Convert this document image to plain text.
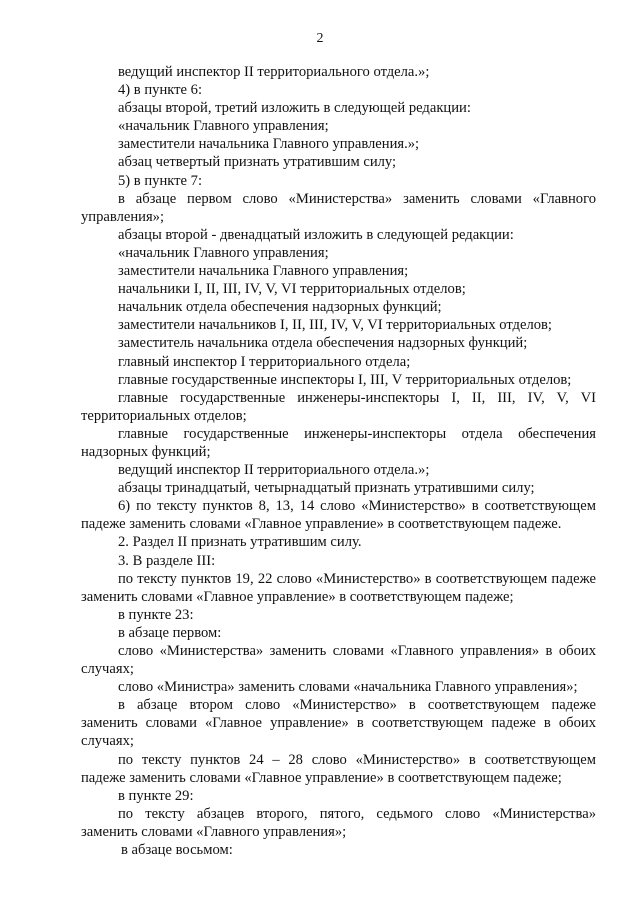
2

ведущий инспектор II территориального отдела.»;

4) в пункте 6:

абзацы второй, третий изложить в следующей редакции:

«начальник Главного управления;

заместители начальника Главного управления.»;

абзац четвертый признать утратившим силу;

5) в пункте 7:

в абзаце первом слово «Министерства» заменить словами «Главного управления»;

абзацы второй - двенадцатый изложить в следующей редакции:

«начальник Главного управления;

заместители начальника Главного управления;

начальники I, II, III, IV, V, VI территориальных отделов;

начальник отдела обеспечения надзорных функций;

заместители начальников I, II, III, IV, V, VI территориальных отделов;

заместитель начальника отдела обеспечения надзорных функций;

главный инспектор I территориального отдела;

главные государственные инспекторы I, III, V территориальных отделов;

главные государственные инженеры-инспекторы I, II, III, IV, V, VI территориальных отделов;

главные государственные инженеры-инспекторы отдела обеспечения надзорных функций;

ведущий инспектор II территориального отдела.»;

абзацы тринадцатый, четырнадцатый признать утратившими силу;

6) по тексту пунктов 8, 13, 14 слово «Министерство» в соответствующем падеже заменить словами «Главное управление» в соответствующем падеже.

2. Раздел II признать утратившим силу.

3. В разделе III:

по тексту пунктов 19, 22 слово «Министерство» в соответствующем падеже заменить словами «Главное управление» в соответствующем падеже;

в пункте 23:

в абзаце первом:

слово «Министерства» заменить словами «Главного управления» в обоих случаях;

слово «Министра» заменить словами «начальника Главного управления»;

в абзаце втором слово «Министерство» в соответствующем падеже заменить словами «Главное управление» в соответствующем падеже в обоих случаях;

по тексту пунктов 24 – 28 слово «Министерство» в соответствующем падеже заменить словами «Главное управление» в соответствующем падеже;

в пункте 29:

по тексту абзацев второго, пятого, седьмого слово «Министерства» заменить словами «Главного управления»;

в абзаце восьмом:
